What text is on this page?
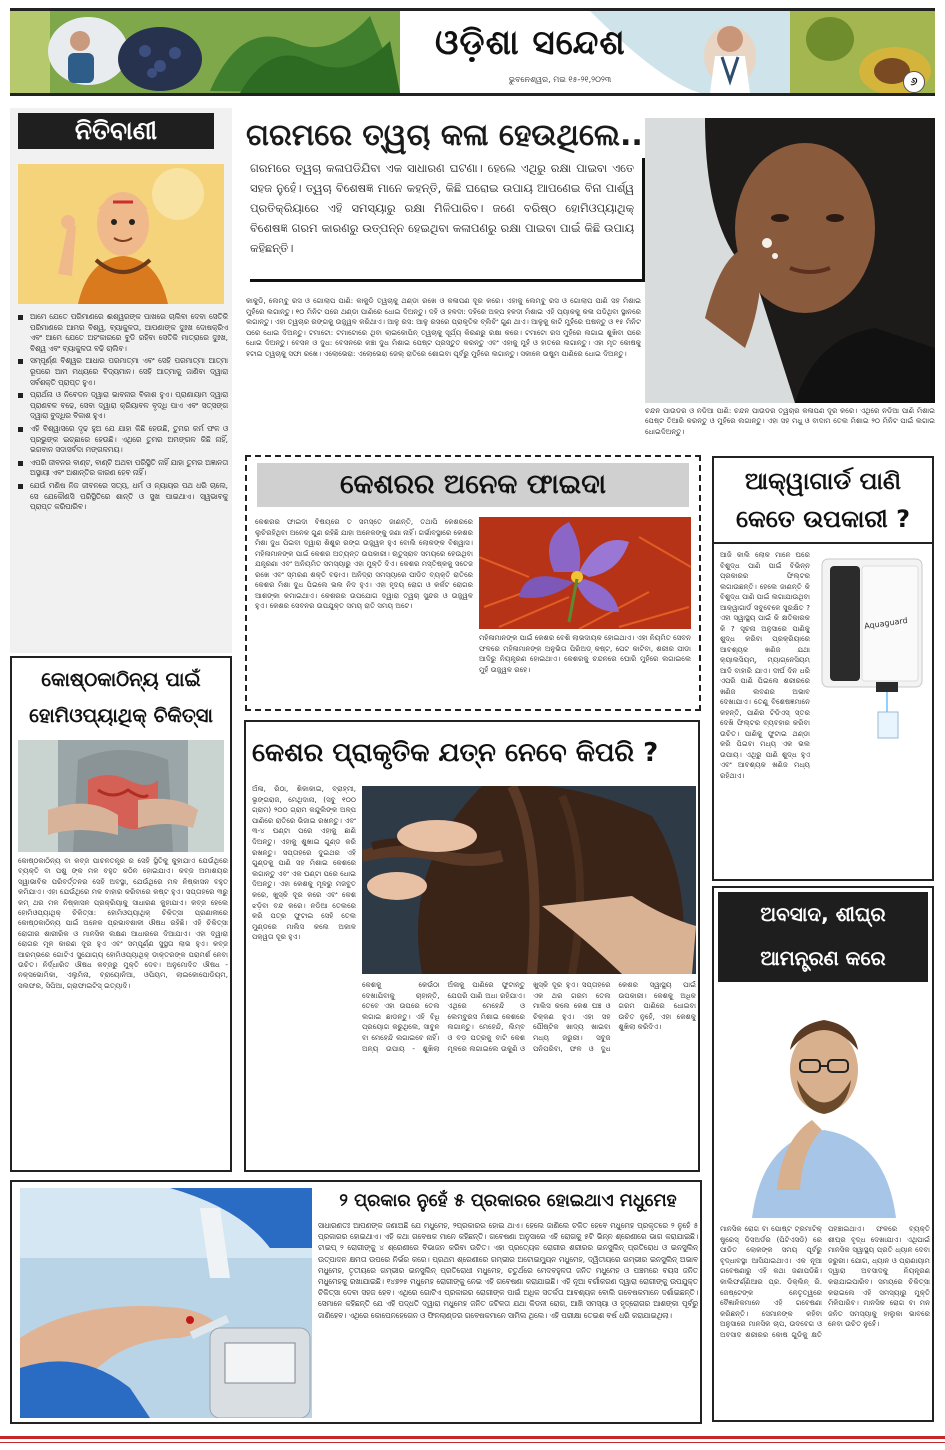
ଓଡ଼ିଶା ସନ୍ଦେଶ
ଭୁବନେଶ୍ୱର, ମଇ ୧୫-୨୧,୨୦୨୩	୬
ନିତିବାଣୀ
ଆମେ ଯେତେ ପରିମାଣରେ ଈଶ୍ୱରଙ୍କ ପାଖରେ ଚାଲିବା ଦେବା ସେତିକି ପରିମାଣରେ ଆମର ବିଶ୍ୱ, ବ୍ୟାକୁଳତା, ଆପଣାଙ୍କ ଦୁଃଖ ଦୋଷକ୍ରିଏ ଏବଂ ଆମେ ଯେତେ ଅହଂକାରରେ ବୁଡି ରହିବା ସେତିକି ମାତ୍ରାରେ ଦୁଃଖ, ବିଶ୍ୱ ଏବଂ ବ୍ୟାକୁଳତା ବଢି ଚାଲିବ।
ସମ୍ପୂର୍ଣ୍ଣ ବିଶ୍ୱର ଆଧାର ପରମାତ୍ମା ଏବଂ ସେହି ପରମାତ୍ମା ଆତ୍ମା ରୂପରେ ଆମ ମଧ୍ୟରେ ବିଦ୍ୟମାନ। ସେହି ଆତ୍ମାକୁ ଜାଣିବା ଦ୍ୱାରା ସର୍ବଶକ୍ତି ପ୍ରାପ୍ତ ହୁଏ।
ପ୍ରାର୍ଥନା ଓ ନିବେଦନ ଦ୍ୱାରା ଭାବନାର ବିକାଶ ହୁଏ। ପ୍ରାଣାୟାମ ଦ୍ୱାରା ପ୍ରାଣବଳ ବଢେ, ସେବା ଦ୍ୱାରା କ୍ରିୟାବଳ ବୃଦ୍ଧି ପାଏ ଏବଂ ସତ୍ସଙ୍ଗ ଦ୍ୱାରା ବୁଦ୍ଧିର ବିକାଶ ହୁଏ।
ଏହି ବିଶ୍ୱାସରେ ଦୃଢ ହୁଅ ଯେ ଯାହା କିଛି ହେଉଛି, ତୁମର କର୍ମ ଫଳ ଓ ପ୍ରଭୁଙ୍କ ଇଚ୍ଛାରେ ହେଉଛି। ଏଥିରେ ତୁମର ଅମଙ୍ଗଳ କିଛି ନାହିଁ, ଭଗବାନ ସଦାସର୍ବଦା ମଙ୍ଗଳମୟ।
ଏପରି ଜୀବନର ବାଣ୍ଟ, ବାଣ୍ଟି ଅଥବା ପରିସ୍ଥିତି ନାହିଁ ଯାହା ତୁମର ଅଜ୍ଞାନତା ଅସ୍ଥାୟୀ ଏବଂ ଅଶାନ୍ତିର କାରଣ ହେବ ନାହିଁ।
ଯେଉଁ ମଣିଷ ନିଜ ଜୀବନରେ ସତ୍ୟ, ଧର୍ମ ଓ ନ୍ୟାୟର ପଥ ଧରି ଚାଲେ, ସେ ଯେକୌଣସି ପରିସ୍ଥିତିରେ ଶାନ୍ତି ଓ ସୁଖ ପାଇଥାଏ। ସ୍ୱଭାବକୁ ପ୍ରାପ୍ତ କରିପାରିବ।
ଗରମରେ ତ୍ୱଚା କଳା ହେଉଥିଲେ..
ଗରମରେ ତ୍ୱଚା କଳାପଡିଯିବା ଏକ ସାଧାରଣ ଘଟଣା। ହେଲେ ଏଥିରୁ ରକ୍ଷା ପାଇବା ଏତେ ସହଜ ନୁହେଁ। ତ୍ୱଚା ବିଶେଷଜ୍ଞ ମାନେ କହନ୍ତି, କିଛି ଘରୋଇ ଉପାୟ ଆପଣେଇ ବିନା ପାର୍ଶ୍ୱ ପ୍ରତିକ୍ରିୟାରେ ଏହି ସମସ୍ୟାରୁ ରକ୍ଷା ମିଳିପାରିବ। ଜଣେ ବରିଷ୍ଠ ହୋମିଓପ୍ୟାଥିକ୍ ବିଶେଷଜ୍ଞ ଗରମ କାରଣରୁ ଉତ୍ପନ୍ନ ହେଇଥିବା କଳାପଣରୁ ରକ୍ଷା ପାଇବା ପାଇଁ କିଛି ଉପାୟ କହିଛନ୍ତି।
କାକୁଡି, ଲେମ୍ବୁ ରସ ଓ ଗୋଲାପ ପାଣି: କାକୁଡି ତ୍ୱଚାକୁ ଥଣ୍ଡା ରଖେ ଓ କଳାପଣ ଦୂର କରେ। ଏହାକୁ ଲେମ୍ବୁ ରସ ଓ ଗୋଲାପ ପାଣି ସହ ମିଶାଇ ମୁହଁରେ ଲଗାନ୍ତୁ। ୧୦ ମିନିଟ ପରେ ଥଣ୍ଡା ପାଣିରେ ଧୋଇ ଦିଅନ୍ତୁ। ଦହି ଓ ହଳଦୀ: ଦହିରେ ଅଳ୍ପ ହଳଦୀ ମିଶାଇ ଏହି ପ୍ୟାକକୁ କଳା ପଡିଥିବା ସ୍ଥାନରେ ଲଗାନ୍ତୁ। ଏହା ତ୍ୱଚାର ରଙ୍ଗକୁ ଉଜ୍ଜ୍ୱଳ କରିଥାଏ। ଆଳୁ ରସ: ଆଳୁ ରସରେ ପ୍ରାକୃତିକ ବ୍ଲିଚିଂ ଗୁଣ ଥାଏ। ଆଳୁକୁ କାଟି ମୁହଁରେ ଘଷନ୍ତୁ ଓ ୧୫ ମିନିଟ ପରେ ଧୋଇ ଦିଅନ୍ତୁ। ଟମାଟୋ: ଟମାଟୋରେ ଥିବା ଲାଇକୋପିନ୍ ତ୍ୱଚାକୁ ସୂର୍ଯ୍ୟ କିରଣରୁ ରକ୍ଷା କରେ। ଟମାଟୋ ରସ ମୁହଁରେ ଲଗାଇ ଶୁଖିବା ପରେ ଧୋଇ ଦିଅନ୍ତୁ। ବେସନ ଓ ଦୁଧ: ବେସନରେ କଞ୍ଚା ଦୁଧ ମିଶାଇ ପେଷ୍ଟ ପ୍ରସ୍ତୁତ କରନ୍ତୁ ଏବଂ ଏହାକୁ ମୁହଁ ଓ ହାତରେ ଲଗାନ୍ତୁ। ଏହା ମୃତ କୋଷକୁ ହଟାଇ ତ୍ୱଚାକୁ ସଫା ରଖେ। ଏଲୋଭେରା: ଏଲୋଭେରା ଜେଲ୍ ରାତିରେ ଶୋଇବା ପୂର୍ବରୁ ମୁହଁରେ ଲଗାନ୍ତୁ। ସକାଳେ ଉଷୁମ ପାଣିରେ ଧୋଇ ଦିଅନ୍ତୁ।
ଚନ୍ଦନ ପାଉଡର ଓ ନଡିଆ ପାଣି: ଚନ୍ଦନ ପାଉଡର ତ୍ୱଚାର କଳାପଣ ଦୂର କରେ। ଏଥିରେ ନଡିଆ ପାଣି ମିଶାଇ ପେଷ୍ଟ ତିଆରି କରନ୍ତୁ ଓ ମୁହଁରେ ଲଗାନ୍ତୁ। ଏହା ସହ ମଧୁ ଓ ବାଦାମ ତେଲ ମିଶାଇ ୨୦ ମିନିଟ ପାଇଁ ଲଗାଇ ଧୋଇଦିଅନ୍ତୁ।
କେଶରର ଅନେକ ଫାଇଦା
କେଶରର ଫାଇଦା ବିଷୟରେ ତ ସମସ୍ତେ ଜାଣନ୍ତି, ତଥାପି କେଶରରେ ଲୁଚିରହିଥିବା ଅନେକ ଗୁଣ ରହିଛି ଯାହା ଅନେକଙ୍କୁ ଜଣା ନାହିଁ। ଗର୍ଭାବସ୍ଥାରେ କେଶର ମିଶା ଦୁଧ ପିଇବା ଦ୍ୱାରା ଶିଶୁର ରଙ୍ଗ ଉଜ୍ଜ୍ୱଳ ହୁଏ ବୋଲି ଲୋକଙ୍କ ବିଶ୍ୱାସ। ମହିଳାମାନଙ୍କ ପାଇଁ କେଶର ଅତ୍ୟନ୍ତ ଉପକାରୀ। ଋତୁସ୍ରାବ ସମୟରେ ହେଉଥିବା ଯନ୍ତ୍ରଣା ଏବଂ ଅନିୟମିତ ସମସ୍ୟାରୁ ଏହା ମୁକ୍ତି ଦିଏ। କେଶର ମସ୍ତିଷ୍କକୁ ସତେଜ ରଖେ ଏବଂ ସ୍ମରଣ ଶକ୍ତି ବଢାଏ। ଅନିଦ୍ରା ସମସ୍ୟାରେ ପୀଡିତ ବ୍ୟକ୍ତି ରାତିରେ କେଶର ମିଶା ଦୁଧ ପିଇଲେ ଭଲ ନିଦ ହୁଏ। ଏହା ହୃଦୟ ରୋଗ ଓ କର୍କଟ ରୋଗର ଆଶଙ୍କା କମାଇଥାଏ। କେଶରର ଉପଯୋଗ ଦ୍ୱାରା ତ୍ୱଚା ସୁନ୍ଦର ଓ ଉଜ୍ଜ୍ୱଳ ହୁଏ। କେଶର ସେବନର ଉପଯୁକ୍ତ ସମୟ ରାତି ସମୟ ଅଟେ।
ମହିଳାମାନଙ୍କ ପାଇଁ କେଶର ବେଶି ଲାଭଦାୟକ ହୋଇଥାଏ। ଏହା ନିୟମିତ ସେବନ ଫଳରେ ମହିଳାମାନଙ୍କ ଅନୁଭିତା ପିରିଅଡ୍ କଷ୍ଟ, ପେଟ କାଟିବା, ଶରୀର ପୀଡା ଆଦିରୁ ନିୟନ୍ତ୍ରଣ ହୋଇଥାଏ। କେଶରକୁ ଚନ୍ଦନରେ ଘୋରି ମୁହଁରେ ଲଗାଇଲେ ମୁହଁ ଉଜ୍ଜ୍ୱଳ ରହେ।
ଆକ୍ୱାଗାର୍ଡ ପାଣି କେତେ ଉପକାରୀ ?
ଆଜି କାଲି ଲୋକ ମାନେ ଘରେ ବିଶୁଦ୍ଧ ପାଣି ପାଇଁ ବିଭିନ୍ନ ପ୍ରକାରର ଫିଲ୍ଟର ଲଗାଉଛନ୍ତି। ହେଲେ ଜାଣନ୍ତି କି ବିଶୁଦ୍ଧ ପାଣି ପାଇଁ ଲଗାଯାଉଥିବା ଆକ୍ୱାଗାର୍ଡ ସବୁବେଳେ ସୁରକ୍ଷିତ ? ଏହା ସ୍ୱାସ୍ଥ୍ୟ ପାଇଁ କି କ୍ଷତିକାରକ କି ? ସୂଚନା ଅନୁସାରେ ପାଣିକୁ ଶୁଦ୍ଧ କରିବା ପ୍ରକ୍ରିୟାରେ ଆବଶ୍ୟକ ଖଣିଜ ଯଥା କ୍ୟାଲସିୟମ୍, ମ୍ୟାଗ୍ନେସିୟମ୍ ଆଦି ବାହାରି ଯାଏ। ଦୀର୍ଘ ଦିନ ଧରି ଏପରି ପାଣି ପିଇଲେ ଶରୀରରେ ଖଣିଜ ଲବଣର ଅଭାବ ଦେଖାଯାଏ। ତେଣୁ ବିଶେଷଜ୍ଞମାନେ କହନ୍ତି, ପାଣିର ଟିଡିଏସ୍ ସ୍ତର ଦେଖି ଫିଲ୍ଟର ବ୍ୟବହାର କରିବା ଉଚିତ। ପାଣିକୁ ଫୁଟାଇ ଥଣ୍ଡା କରି ପିଇବା ମଧ୍ୟ ଏକ ଭଲ ଉପାୟ। ଏଥିରୁ ପାଣି ଶୁଦ୍ଧ ହୁଏ ଏବଂ ଆବଶ୍ୟକ ଖଣିଜ ମଧ୍ୟ ରହିଥାଏ।
Aquaguard
କୋଷ୍ଠକାଠିନ୍ୟ ପାଇଁ ହୋମିଓପ୍ୟାଥିକ୍ ଚିକିତ୍ସା
କୋଷ୍ଠକାଠିନ୍ୟ ବା କବ୍ଜ ପାଚନତନ୍ତ୍ର ର ସେହି ସ୍ଥିତିକୁ କୁହାଯାଏ ଯେଉଁଥିରେ ବ୍ୟକ୍ତି ବା ପଶୁ ଙ୍କ ମଳ ବହୁତ କଠିନ ହୋଇଯାଏ। କବ୍ଜ ଅମାଶୟର ସ୍ୱାଭାବିକ ପରିବର୍ତ୍ତନର ସେହି ଅବସ୍ଥା, ଯେଉଁଥିରେ ମଳ ନିଷ୍କାସନ ବହୁତ କମିଯାଏ। ଏହା ଯେଉଁଥିରେ ମଳ ବାହାର କରିବାରେ କଷ୍ଟ ହୁଏ। ସପ୍ତାହରେ ୩ରୁ କମ୍ ଥର ମଳ ନିଷ୍କାସନ ପ୍ରକ୍ରିୟାକୁ ସାଧାରଣ କୁହାଯାଏ। କବ୍ଜ ହେଲେ ହୋମିଓପ୍ୟାଥିକ୍ ଚିକିତ୍ସା: ହୋମିଓପ୍ୟାଥିକ୍ ଚିକିତ୍ସା ପ୍ରଣାଳୀରେ କୋଷ୍ଠକାଠିନ୍ୟ ପାଇଁ ଅନେକ ପ୍ରଭାବଶାଳୀ ଔଷଧ ରହିଛି। ଏହି ଚିକିତ୍ସା ରୋଗୀର ଶାରୀରିକ ଓ ମାନସିକ ଲକ୍ଷଣ ଆଧାରରେ ଦିଆଯାଏ। ଏହା ଦ୍ୱାରା ରୋଗର ମୂଳ କାରଣ ଦୂର ହୁଏ ଏବଂ ସମ୍ପୂର୍ଣ୍ଣ ସୁସ୍ଥତା ଲାଭ ହୁଏ। କବ୍ଜ ଆରମ୍ଭରେ ଗୋଟିଏ ସୁଯୋଗ୍ୟ ହୋମିଓପ୍ୟାଥିକ୍ ଡାକ୍ତରଙ୍କ ପରାମର୍ଶ ନେବା ଉଚିତ। ନିର୍ଦ୍ଧାରିତ ଔଷଧ କବ୍ଜରୁ ମୁକ୍ତି ଦେବ। ଅନୁମୋଦିତ ଔଷଧ - ନକ୍ସଭୋମିକା, ଏଲୁମିନା, ବ୍ରାୟୋନିଆ, ଓପିୟମ, ଲାଇକୋପୋଡିୟମ, ସଲଫର, ସିପିଆ, ଗ୍ରାଫାଇଟିସ୍ ଇତ୍ୟାଦି।
କେଶର ପ୍ରାକୃତିକ ଯତ୍ନ ନେବେ କିପରି ?
ଅଁଳା, ରିଠା, ଶିକାକାଇ, ବ୍ରାହ୍ମୀ, ଭୃଙ୍ଗରାଜ, ମେଥିଦାନା, (ସବୁ ୧୦୦ ଗ୍ରାମ) ୨୦୦ ଗ୍ରାମ କନ୍ଦୁଲିଙ୍କ ଅଳ୍ପ ପାଣିରେ ରାତିରେ ଭିଜାଇ ରଖନ୍ତୁ। ଏବଂ ୩-୪ ଘଣ୍ଟା ପରେ ଏହାକୁ ଛାଣି ଦିଅନ୍ତୁ। ଏହାକୁ ଶୁଖାଇ ଗୁଣ୍ଡ କରି ରଖନ୍ତୁ। ସପ୍ତାହରେ ଦୁଇଥର ଏହି ଗୁଣ୍ଡକୁ ପାଣି ସହ ମିଶାଇ କେଶରେ ଲଗାନ୍ତୁ ଏବଂ ଏକ ଘଣ୍ଟା ପରେ ଧୋଇ ଦିଅନ୍ତୁ। ଏହା କେଶକୁ ମୂଳରୁ ମଜବୁତ କରେ, ଖୁସ୍କି ଦୂର କରେ ଏବଂ କେଶ ଝଡ଼ିବା ବନ୍ଦ କରେ। ନଡିଆ ତେଲରେ କରି ପତ୍ର ଫୁଟାଇ ସେହି ତେଲ ମୁଣ୍ଡରେ ମାଲିସ କଲେ ଅକାଳ ପକ୍ୱତା ଦୂର ହୁଏ।
କେଶକୁ କେଉଁଠା ଦେଖାଯିବାକୁ ଚାହାନ୍ତି, ତେବେ ଏହା ଉପରେ ତେଲ ଲଗାଇ ଛାଡନ୍ତୁ। ଏହି ବିଧି ପ୍ରୟୋଗ କରୁଥିଲେ, ସାବୁନ ବା ମେହେନ୍ଦି ଲଗାଇବେ ନାହିଁ। ଅନ୍ୟ ଉପାୟ - ଶୁଖିଲା ଅଁଳାକୁ ପାଣିରେ ଫୁଟାନ୍ତୁ ଯେପରି ପାଣି ଅଧା ରହିଯାଏ। ଏଥିରେ ମେହେନ୍ଦି ଓ ଲେମ୍ବୁରସ ମିଶାଇ କେଶରେ ଲଗାନ୍ତୁ। ମେହେନ୍ଦି, ଲିମ୍ବ ଓ ବଡ଼ ପତ୍ରକୁ ବାଟି କେଶ ମୂଳରେ ଲଗାଇଲେ ଉକୁଣି ଓ ଖୁସ୍କି ଦୂର ହୁଏ। ସପ୍ତାହରେ ଏକ ଥର ଗରମ ତେଲ ମାଲିସ କଲେ କେଶ ଘଞ୍ଚ ଓ ଚିକ୍କଣ ହୁଏ। ଏହା ସହ ପୌଷ୍ଟିକ ଖାଦ୍ୟ ଖାଇବା ମଧ୍ୟ ଜରୁରୀ। ସବୁଜ ପନିପରିବା, ଫଳ ଓ ଦୁଧ କେଶର ସ୍ୱାସ୍ଥ୍ୟ ପାଇଁ ଉପକାରୀ। କେଶକୁ ଅଧିକ ଗରମ ପାଣିରେ ଧୋଇବା ଉଚିତ ନୁହେଁ, ଏହା କେଶକୁ ଶୁଖିଲା କରିଦିଏ।
ଅବସାଦ, ଶୀଘ୍ର ଆମନ୍ତ୍ରଣ କରେ
ମାନସିକ ରୋଗ ବା ପୋଷ୍ଟ ଟ୍ରମାଟିକ୍ ଷ୍ଟ୍ରେସ୍ ଡିସଅର୍ଡର (ପିଟିଏସଡି) ରେ ପୀଡିତ ଲୋକଙ୍କ ସମୟ ପୂର୍ବରୁ ବୃଦ୍ଧାବସ୍ଥା ଆସିଯାଇଥାଏ। ଏକ ନୂଆ ଗବେଷଣାରୁ ଏହି କଥା ଜଣାପଡିଛି। କାଲିଫର୍ଣ୍ଣିଆର ପ୍ର. ଡିକ୍ଲିନ୍ ରି. ଜେଷ୍ଟେଙ୍କ ନେତୃତ୍ୱରେ ବୈଜ୍ଞାନିକମାନେ ଏହି ଗବେଷଣା କରିଛନ୍ତି। ସେମାନଙ୍କ କହିବା ଅନୁସାରେ ମାନସିକ ଚାପ, ଉଦବେଗ ଓ ଅବସାଦ ଶରୀରର କୋଷ ଗୁଡିକୁ କ୍ଷତି ପହଞ୍ଚାଇଥାଏ। ଫଳରେ ବ୍ୟକ୍ତି ଶୀଘ୍ର ବୃଦ୍ଧ ଦେଖାଯାଏ। ଏଥିପାଇଁ ମାନସିକ ସ୍ୱାସ୍ଥ୍ୟ ପ୍ରତି ଧ୍ୟାନ ଦେବା ଜରୁରୀ। ଯୋଗ, ଧ୍ୟାନ ଓ ପ୍ରାଣାୟାମ ଦ୍ୱାରା ଅବସାଦକୁ ନିୟନ୍ତ୍ରଣ କରାଯାଇପାରିବ। ସମୟରେ ଚିକିତ୍ସା କରାଇଲେ ଏହି ସମସ୍ୟାରୁ ମୁକ୍ତି ମିଳିପାରିବ। ମାନସିକ ରୋଗ ବା ମନ ଜନିତ ସମସ୍ୟାକୁ ହାଲୁକା ଭାବରେ ନେବା ଉଚିତ ନୁହେଁ।
୨ ପ୍ରକାର ନୁହେଁ ୫ ପ୍ରକାରର ହୋଇଥାଏ ମଧୁମେହ
ସାଧାରଣତଃ ଆପଣଙ୍କ ଜଣାଅଛି ଯେ ମଧୁମେହ, ୨ପ୍ରକାରର ହୋଇ ଥାଏ। ହେଲେ ଜାଣିଲେ ଚକିତ ହେବେ ମଧୁମେହ ପ୍ରକୃତରେ ୨ ନୁହେଁ ୫ ପ୍ରକାରର ହୋଇଥାଏ। ଏହି କଥା ଗବେଷକ ମାନେ କହିଛନ୍ତି। ଗବେଷଣା ଅନୁସାରେ ଏହି ରୋଗକୁ ୫ଟି ଭିନ୍ନ ଶ୍ରେଣୀରେ ଭାଗ କରାଯାଇଛି। ଟାଇପ୍ ୨ ରୋଗୀଙ୍କୁ ୪ ଶ୍ରେଣୀରେ ବିଭାଜନ କରିବା ଉଚିତ। ଏହା ପ୍ରତ୍ୟେକ ରୋଗୀର ଶରୀରର ଇନସୁଲିନ୍ ପ୍ରତିରୋଧ ଓ ଇନସୁଲିନ୍ ଉତ୍ପାଦନ କ୍ଷମତା ଉପରେ ନିର୍ଭର କରେ। ପ୍ରଥମ ଶ୍ରେଣୀରେ ଗମ୍ଭୀର ଅଟୋଇମ୍ୟୁନ ମଧୁମେହ, ଦ୍ୱିତୀୟରେ ଗମ୍ଭୀର ଇନସୁଲିନ୍ ଅଭାବ ମଧୁମେହ, ତୃତୀୟରେ ଗମ୍ଭୀର ଇନସୁଲିନ୍ ପ୍ରତିରୋଧୀ ମଧୁମେହ, ଚତୁର୍ଥରେ ମେଦବହୁଳତା ଜନିତ ମଧୁମେହ ଓ ପଞ୍ଚମରେ ବୟସ ଜନିତ ମଧୁମେହକୁ ରଖାଯାଇଛି। ୧୪୭୨୫ ମଧୁମେହ ରୋଗୀଙ୍କୁ ନେଇ ଏହି ଗବେଷଣା କରାଯାଇଛି। ଏହି ନୂଆ ବର୍ଗୀକରଣ ଦ୍ୱାରା ରୋଗୀଙ୍କୁ ଉପଯୁକ୍ତ ଚିକିତ୍ସା ଦେବା ସହଜ ହେବ। ଏଥିରେ ଗୋଟିଏ ପ୍ରକାରର ରୋଗୀଙ୍କ ପାଇଁ ଅଧିକ ସତର୍କତା ଆବଶ୍ୟକ ବୋଲି ଗବେଷକମାନେ ଦର୍ଶାଇଛନ୍ତି। ସେମାନେ କହିଛନ୍ତି ଯେ ଏହି ପଦ୍ଧତି ଦ୍ୱାରା ମଧୁମେହ ଜନିତ ଜଟିଳତା ଯଥା କିଡନୀ ରୋଗ, ଆଖି ସମସ୍ୟା ଓ ହୃଦ୍ରୋଗର ଆଶଙ୍କା ପୂର୍ବରୁ ଜାଣିହେବ। ଏଥିରେ କୋପେନହେଗେନ ଓ ଫିନଲାଣ୍ଡର ଗବେଷକମାନେ ସାମିଲ ଥିଲେ। ଏହି ପରୀକ୍ଷା ତେଇଶ ବର୍ଷ ଧରି କରାଯାଇଥିଲା।
